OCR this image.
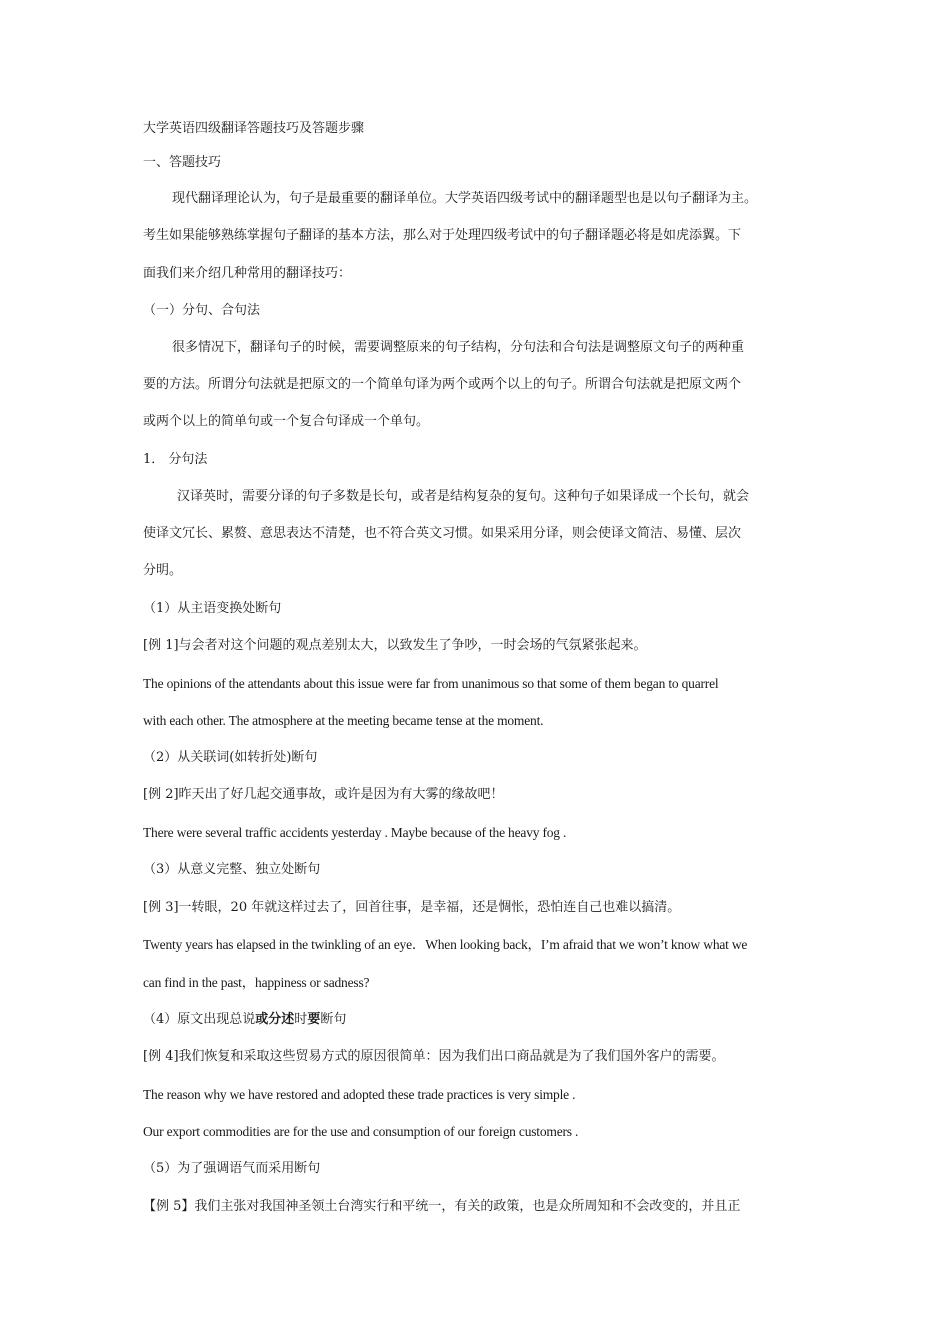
大学英语四级翻译答题技巧及答题步骤
一、答题技巧
现代翻译理论认为，句子是最重要的翻译单位。大学英语四级考试中的翻译题型也是以句子翻译为主。
考生如果能够熟练掌握句子翻译的基本方法，那么对于处理四级考试中的句子翻译题必将是如虎添翼。下
面我们来介绍几种常用的翻译技巧：
（一）分句、合句法
很多情况下，翻译句子的时候，需要调整原来的句子结构，分句法和合句法是调整原文句子的两种重
要的方法。所谓分句法就是把原文的一个简单句译为两个或两个以上的句子。所谓合句法就是把原文两个
或两个以上的简单句或一个复合句译成一个单句。
1． 分句法
汉译英时，需要分译的句子多数是长句，或者是结构复杂的复句。这种句子如果译成一个长句，就会
使译文冗长、累赘、意思表达不清楚，也不符合英文习惯。如果采用分译，则会使译文简洁、易懂、层次
分明。
（1）从主语变换处断句
[例 1]与会者对这个问题的观点差别太大，以致发生了争吵，一时会场的气氛紧张起来。
The opinions of the attendants about this issue were far from unanimous so that some of them began to quarrel
with each other. The atmosphere at the meeting became tense at the moment.
（2）从关联词(如转折处)断句
[例 2]昨天出了好几起交通事故，或许是因为有大雾的缘故吧！
There were several traffic accidents yesterday . Maybe because of the heavy fog .
（3）从意义完整、独立处断句
[例 3]一转眼，20 年就这样过去了，回首往事，是幸福，还是惆怅，恐怕连自己也难以搞清。
Twenty years has elapsed in the twinkling of an eye．When looking back，I’m afraid that we won’t know what we
can find in the past，happiness or sadness?
（4）原文出现总说或分述时要断句
[例 4]我们恢复和采取这些贸易方式的原因很简单：因为我们出口商品就是为了我们国外客户的需要。
The reason why we have restored and adopted these trade practices is very simple .
Our export commodities are for the use and consumption of our foreign customers .
（5）为了强调语气而采用断句
【例 5】我们主张对我国神圣领土台湾实行和平统一，有关的政策，也是众所周知和不会改变的，并且正
